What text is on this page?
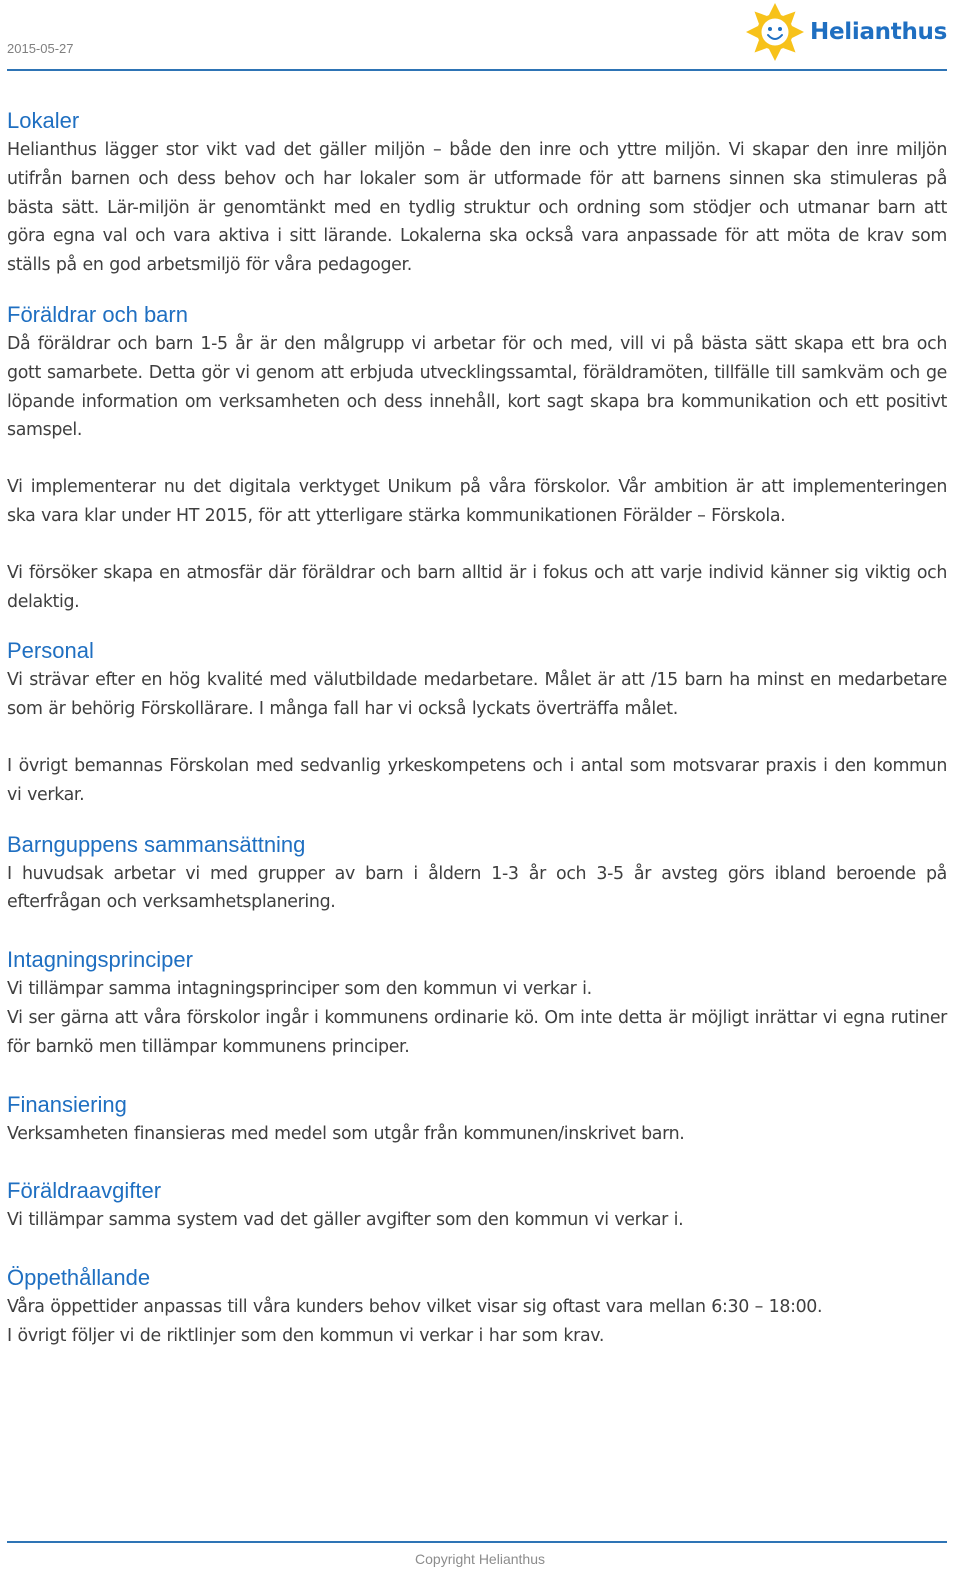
2015-05-27
Helianthus
Lokaler

Helianthus lägger stor vikt vad det gäller miljön – både den inre och yttre miljön. Vi skapar den inre miljön utifrån barnen och dess behov och har lokaler som är utformade för att barnens sinnen ska stimuleras på bästa sätt. Lär-miljön är genomtänkt med en tydlig struktur och ordning som stödjer och utmanar barn att göra egna val och vara aktiva i sitt lärande. Lokalerna ska också vara anpassade för att möta de krav som ställs på en god arbetsmiljö för våra pedagoger.

Föräldrar och barn

Då föräldrar och barn 1-5 år är den målgrupp vi arbetar för och med, vill vi på bästa sätt skapa ett bra och gott samarbete. Detta gör vi genom att erbjuda utvecklingssamtal, föräldramöten, tillfälle till samkväm och ge löpande information om verksamheten och dess innehåll, kort sagt skapa bra kommunikation och ett positivt samspel.

Vi implementerar nu det digitala verktyget Unikum på våra förskolor. Vår ambition är att implementeringen ska vara klar under HT 2015, för att ytterligare stärka kommunikationen Förälder – Förskola.

Vi försöker skapa en atmosfär där föräldrar och barn alltid är i fokus och att varje individ känner sig viktig och delaktig.

Personal

Vi strävar efter en hög kvalité med välutbildade medarbetare. Målet är att /15 barn ha minst en medarbetare som är behörig Förskollärare. I många fall har vi också lyckats överträffa målet.

I övrigt bemannas Förskolan med sedvanlig yrkeskompetens och i antal som motsvarar praxis i den kommun vi verkar.

Barnguppens sammansättning

I huvudsak arbetar vi med grupper av barn i åldern 1-3 år och 3-5 år avsteg görs ibland beroende på efterfrågan och verksamhetsplanering.

Intagningsprinciper

Vi tillämpar samma intagningsprinciper som den kommun vi verkar i.

Vi ser gärna att våra förskolor ingår i kommunens ordinarie kö. Om inte detta är möjligt inrättar vi egna rutiner för barnkö men tillämpar kommunens principer.

Finansiering

Verksamheten finansieras med medel som utgår från kommunen/inskrivet barn.

Föräldraavgifter

Vi tillämpar samma system vad det gäller avgifter som den kommun vi verkar i.

Öppethållande

Våra öppettider anpassas till våra kunders behov vilket visar sig oftast vara mellan 6:30 – 18:00.

I övrigt följer vi de riktlinjer som den kommun vi verkar i har som krav.

Copyright Helianthus
